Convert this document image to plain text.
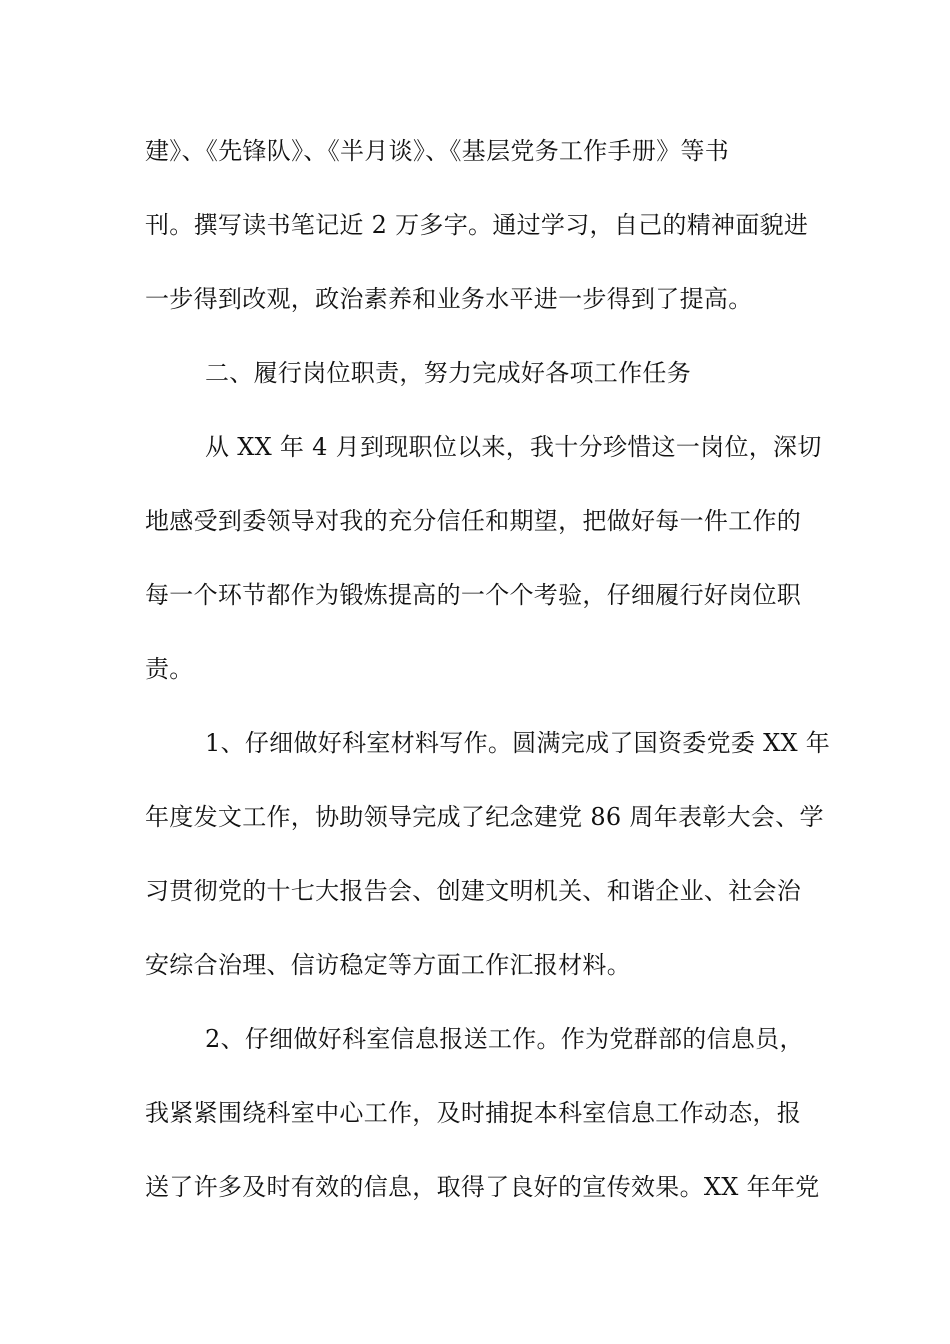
建》、《先锋队》、《半月谈》、《基层党务工作手册》等书
刊。撰写读书笔记近 2 万多字。通过学习，自己的精神面貌进
一步得到改观，政治素养和业务水平进一步得到了提高。
二、履行岗位职责，努力完成好各项工作任务
从 XX 年 4 月到现职位以来，我十分珍惜这一岗位，深切
地感受到委领导对我的充分信任和期望，把做好每一件工作的
每一个环节都作为锻炼提高的一个个考验，仔细履行好岗位职
责。
1、仔细做好科室材料写作。圆满完成了国资委党委 XX 年
年度发文工作，协助领导完成了纪念建党 86 周年表彰大会、学
习贯彻党的十七大报告会、创建文明机关、和谐企业、社会治
安综合治理、信访稳定等方面工作汇报材料。
2、仔细做好科室信息报送工作。作为党群部的信息员，
我紧紧围绕科室中心工作，及时捕捉本科室信息工作动态，报
送了许多及时有效的信息，取得了良好的宣传效果。XX 年年党
